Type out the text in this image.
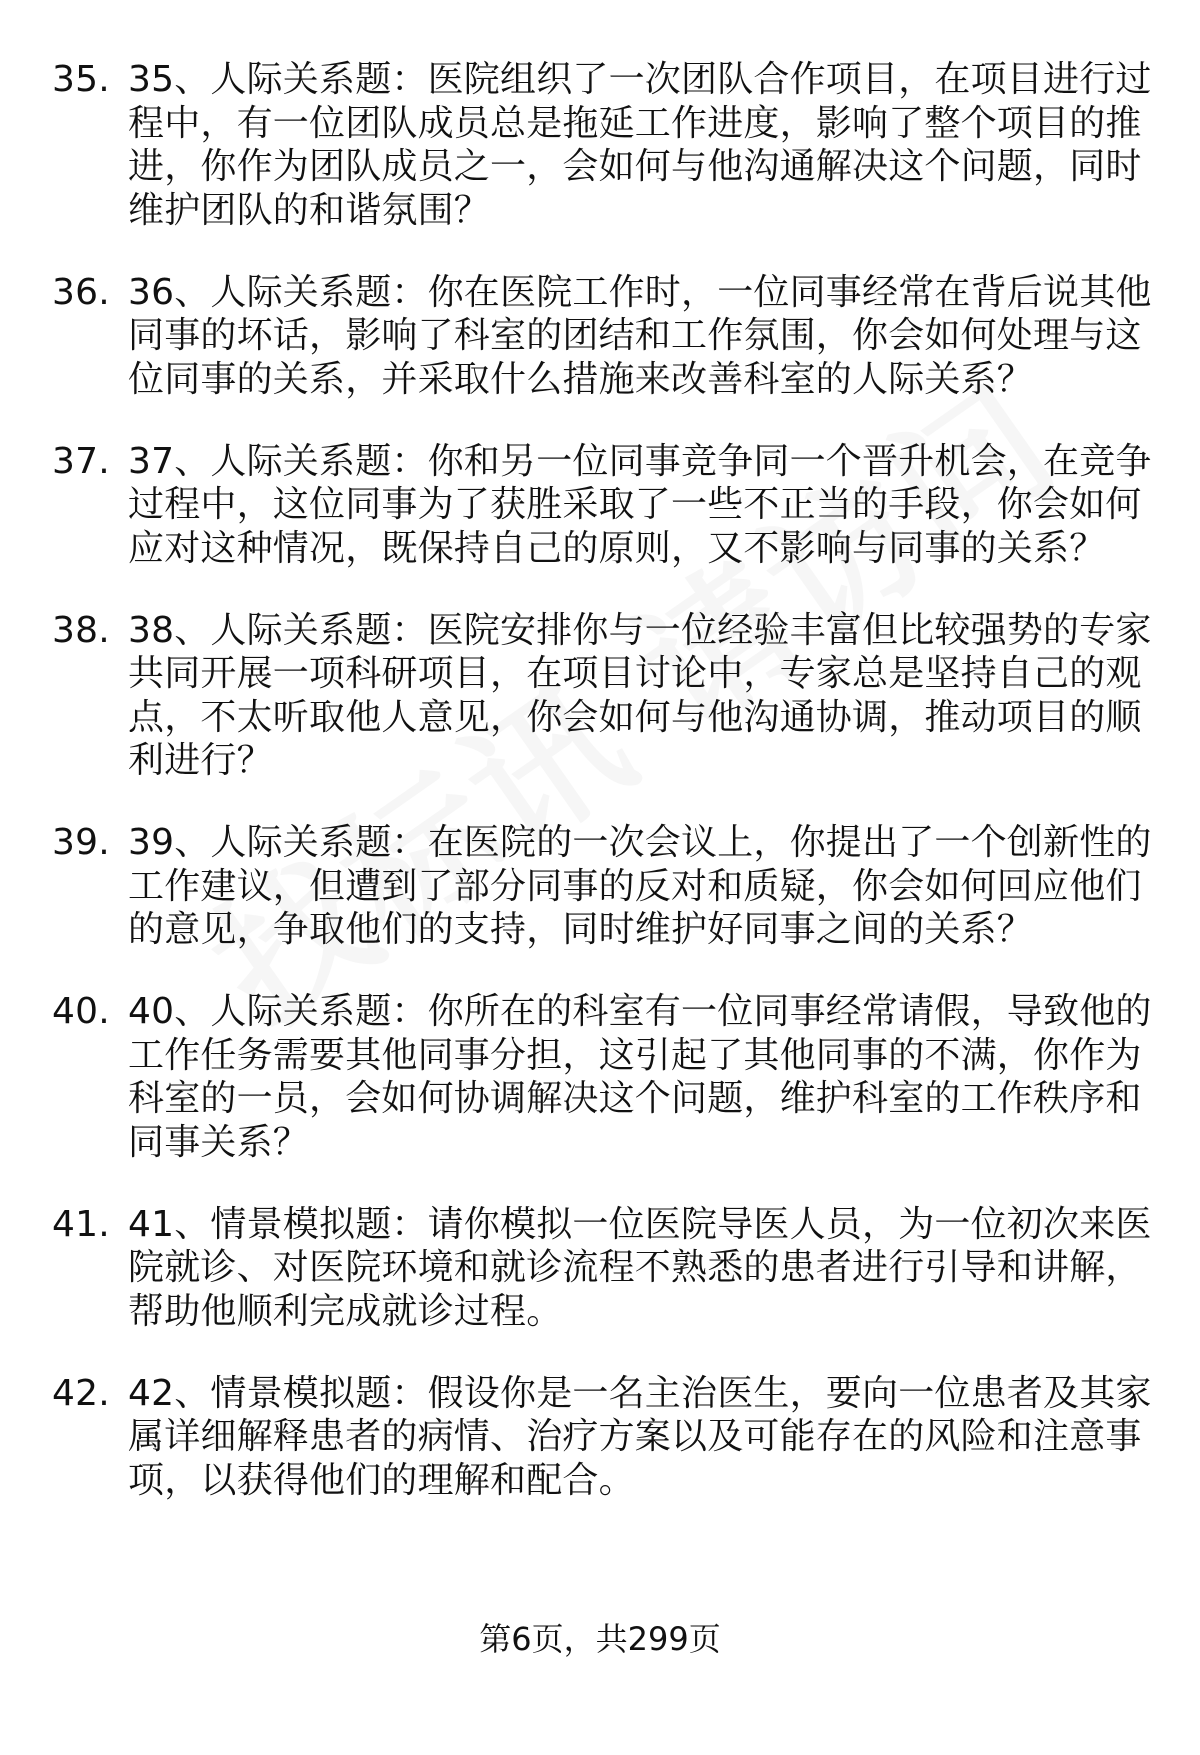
35. 35、人际关系题：医院组织了一次团队合作项目，在项目进行过程中，有一位团队成员总是拖延工作进度，影响了整个项目的推进，你作为团队成员之一，会如何与他沟通解决这个问题，同时维护团队的和谐氛围？
36. 36、人际关系题：你在医院工作时，一位同事经常在背后说其他同事的坏话，影响了科室的团结和工作氛围，你会如何处理与这位同事的关系，并采取什么措施来改善科室的人际关系？
37. 37、人际关系题：你和另一位同事竞争同一个晋升机会，在竞争过程中，这位同事为了获胜采取了一些不正当的手段，你会如何应对这种情况，既保持自己的原则，又不影响与同事的关系？
38. 38、人际关系题：医院安排你与一位经验丰富但比较强势的专家共同开展一项科研项目，在项目讨论中，专家总是坚持自己的观点，不太听取他人意见，你会如何与他沟通协调，推动项目的顺利进行？
39. 39、人际关系题：在医院的一次会议上，你提出了一个创新性的工作建议，但遭到了部分同事的反对和质疑，你会如何回应他们的意见，争取他们的支持，同时维护好同事之间的关系？
40. 40、人际关系题：你所在的科室有一位同事经常请假，导致他的工作任务需要其他同事分担，这引起了其他同事的不满，你作为科室的一员，会如何协调解决这个问题，维护科室的工作秩序和同事关系？
41. 41、情景模拟题：请你模拟一位医院导医人员，为一位初次来医院就诊、对医院环境和就诊流程不熟悉的患者进行引导和讲解，帮助他顺利完成就诊过程。
42. 42、情景模拟题：假设你是一名主治医生，要向一位患者及其家属详细解释患者的病情、治疗方案以及可能存在的风险和注意事项，以获得他们的理解和配合。
第6页，共299页
